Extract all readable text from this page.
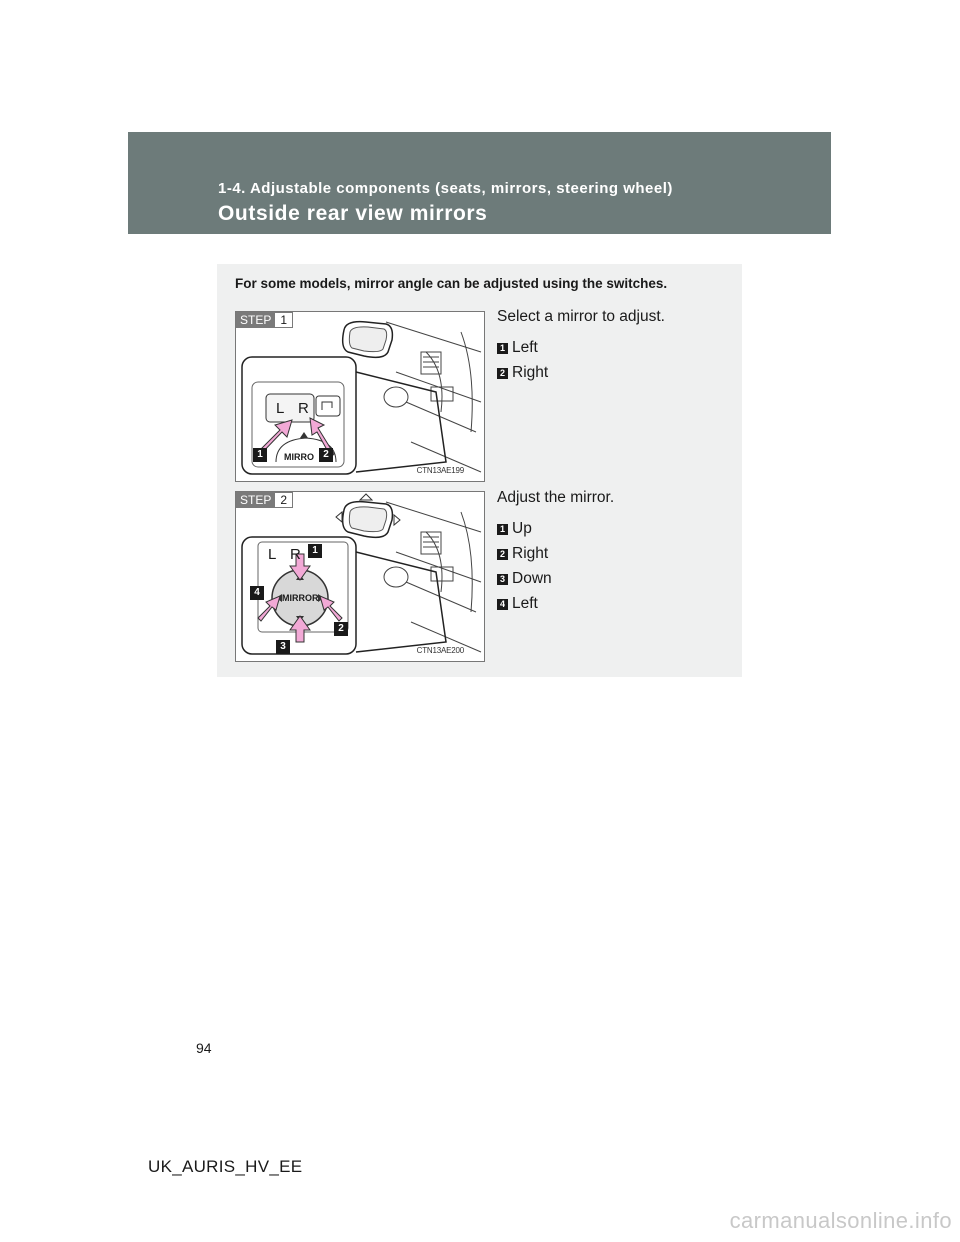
1-4. Adjustable components (seats, mirrors, steering wheel)

Outside rear view mirrors

For some models, mirror angle can be adjusted using the switches.

STEP 1
L R
MIRRO
1	2
CTN13AE199

Select a mirror to adjust.

1 Left
2 Right
STEP 2
L R
MIRROR
1
2
3
4
CTN13AE200

Adjust the mirror.

1 Up
2 Right
3 Down
4 Left

94

UK_AURIS_HV_EE

carmanualsonline.info
